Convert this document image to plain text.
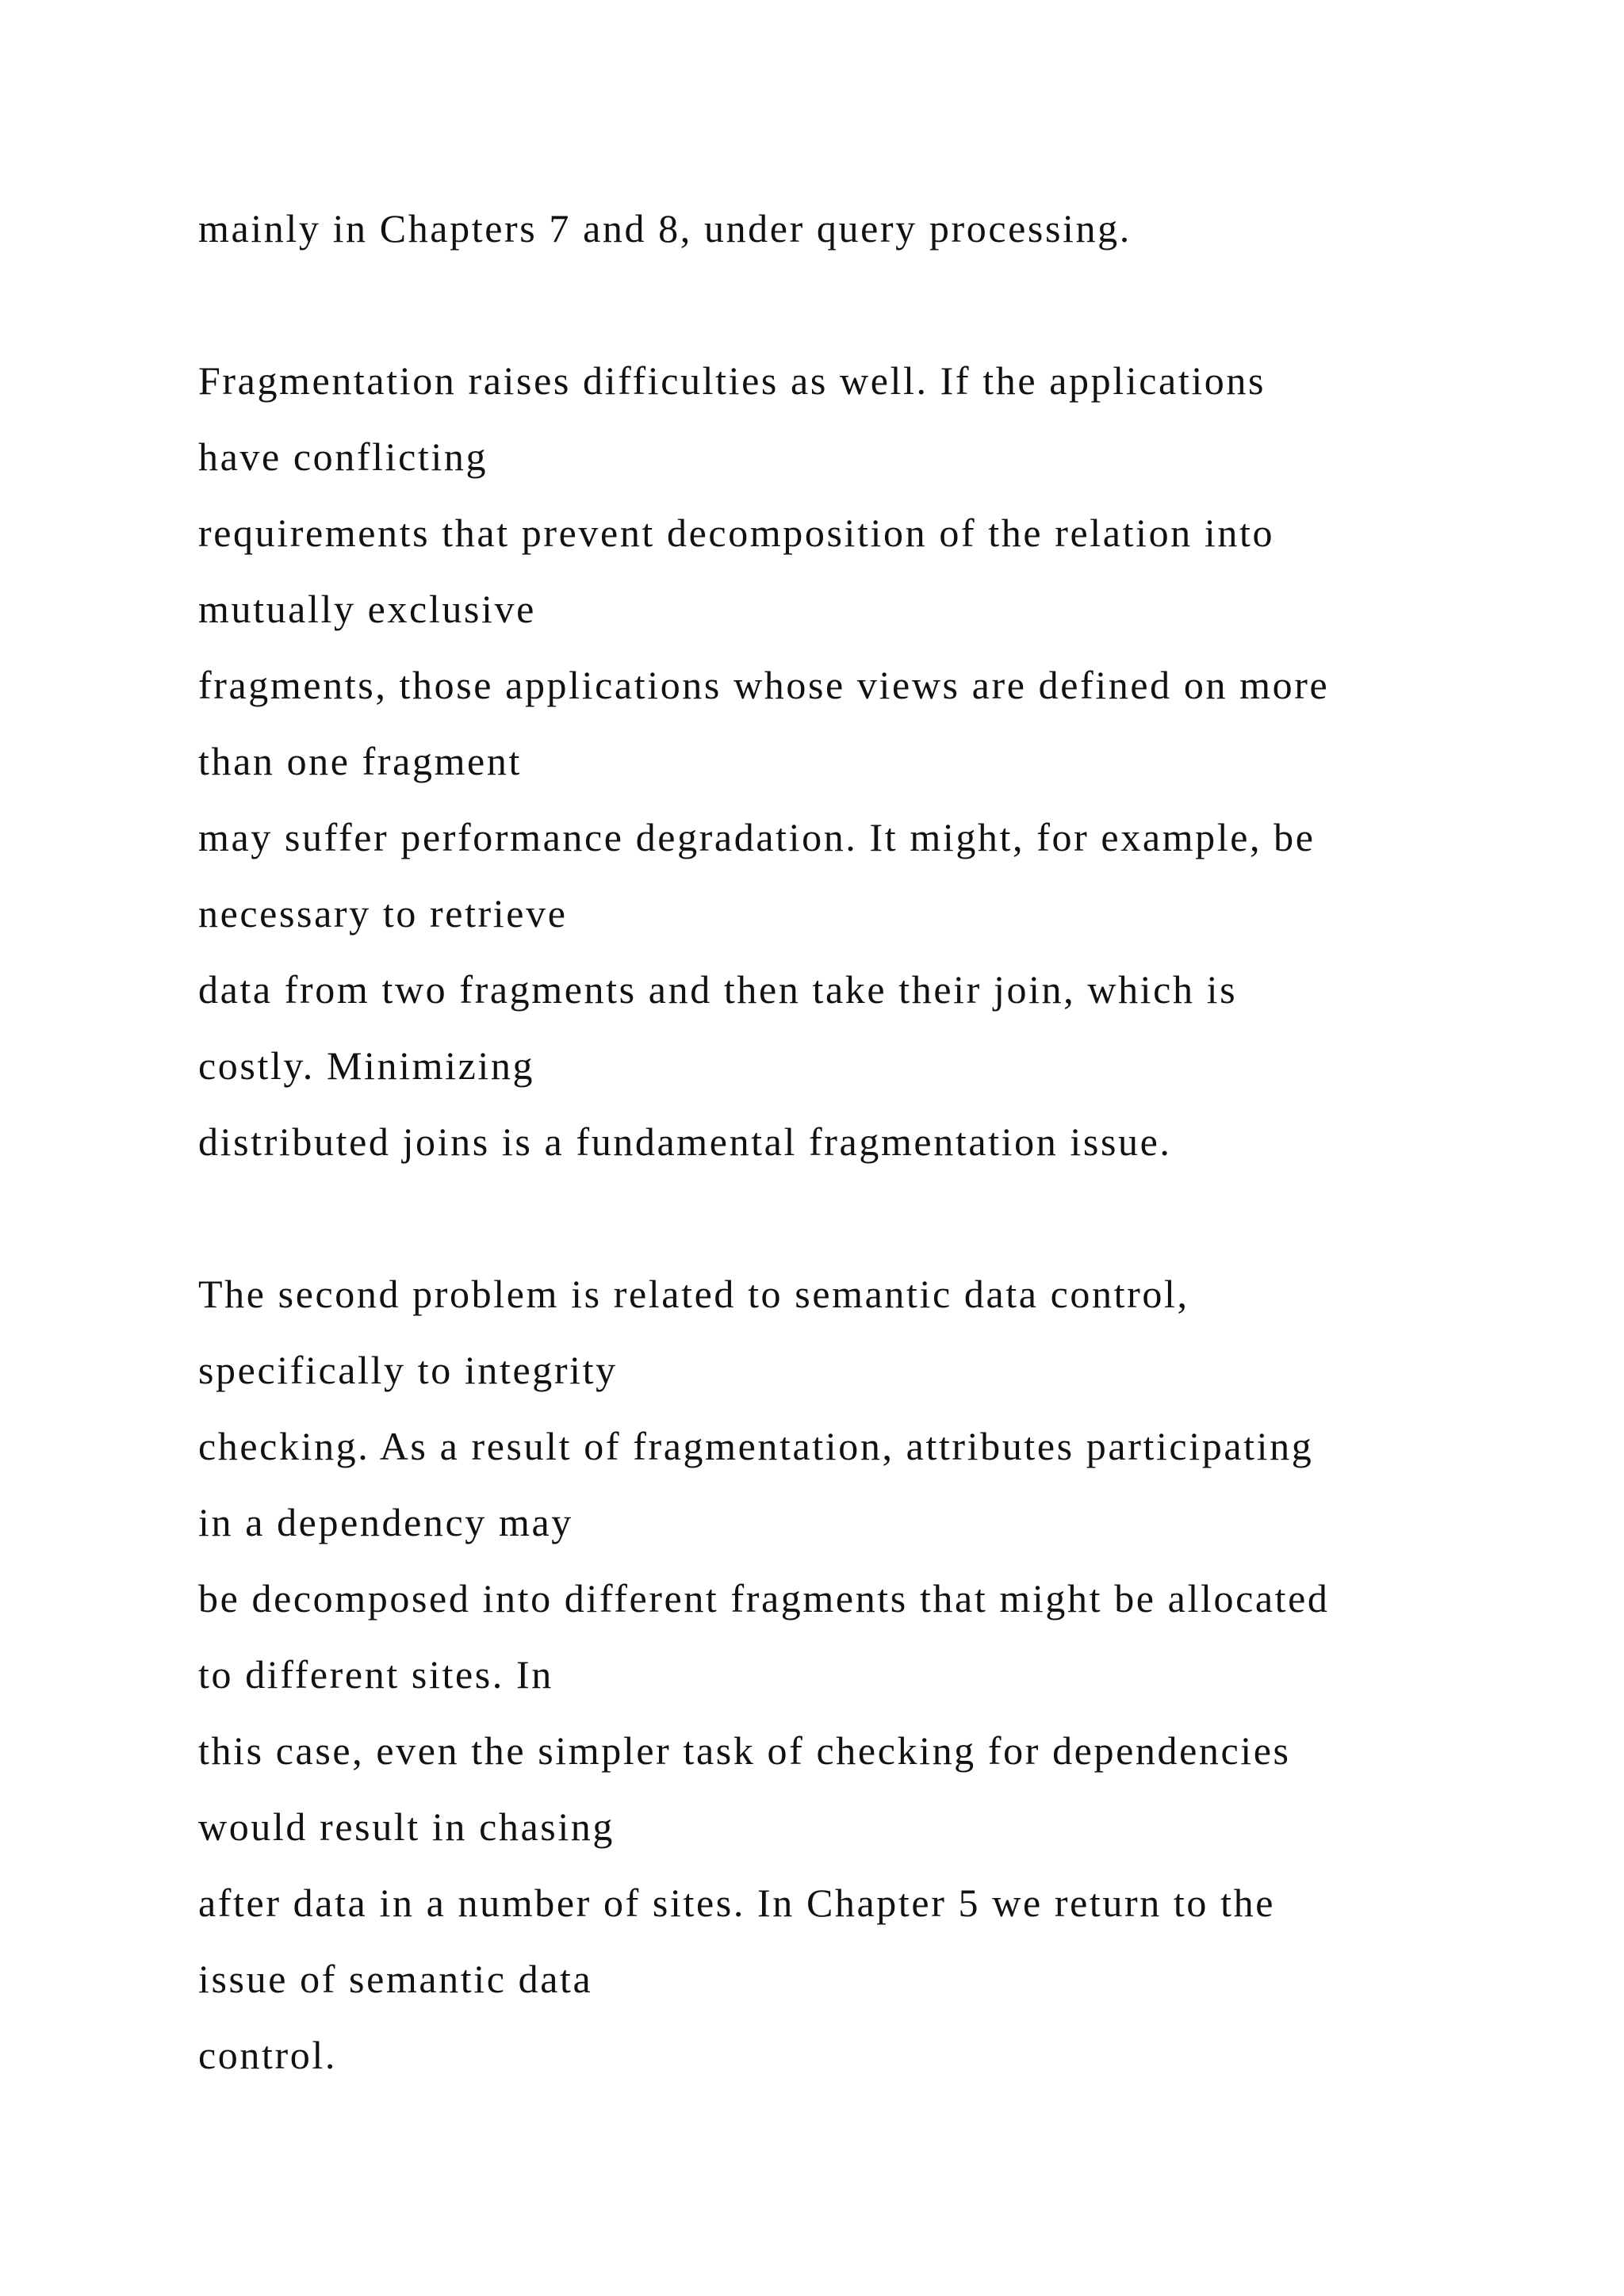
mainly in Chapters 7 and 8, under query processing.
Fragmentation raises difficulties as well. If the applications
have conflicting
requirements that prevent decomposition of the relation into
mutually exclusive
fragments, those applications whose views are defined on more
than one fragment
may suffer performance degradation. It might, for example, be
necessary to retrieve
data from two fragments and then take their join, which is
costly. Minimizing
distributed joins is a fundamental fragmentation issue.
The second problem is related to semantic data control,
specifically to integrity
checking. As a result of fragmentation, attributes participating
in a dependency may
be decomposed into different fragments that might be allocated
to different sites. In
this case, even the simpler task of checking for dependencies
would result in chasing
after data in a number of sites. In Chapter 5 we return to the
issue of semantic data
control.
